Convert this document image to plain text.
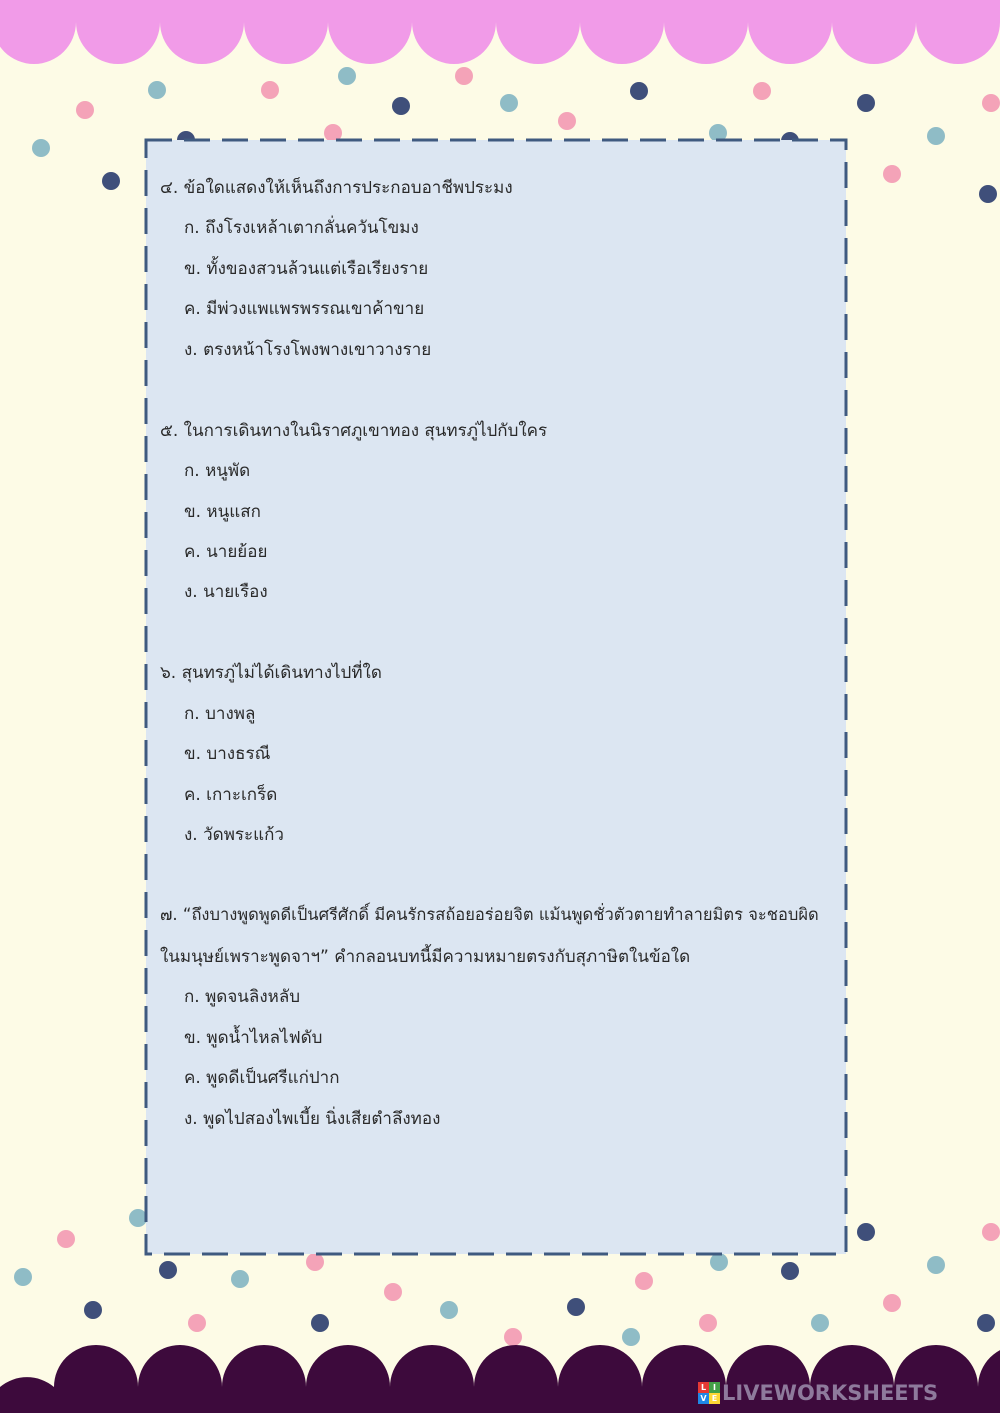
๔. ข้อใดแสดงให้เห็นถึงการประกอบอาชีพประมง
ก. ถึงโรงเหล้าเตากลั่นควันโขมง
ข. ทั้งของสวนล้วนแต่เรือเรียงราย
ค. มีพ่วงแพแพรพรรณเขาค้าขาย
ง. ตรงหน้าโรงโพงพางเขาวางราย
๕. ในการเดินทางในนิราศภูเขาทอง สุนทรภู่ไปกับใคร
ก. หนูพัด
ข. หนูแสก
ค. นายย้อย
ง. นายเรือง
๖. สุนทรภู่ไม่ได้เดินทางไปที่ใด
ก. บางพลู
ข. บางธรณี
ค. เกาะเกร็ด
ง. วัดพระแก้ว
๗. “ถึงบางพูดพูดดีเป็นศรีศักดิ์ มีคนรักรสถ้อยอร่อยจิต แม้นพูดชั่วตัวตายทำลายมิตร จะชอบผิด
ในมนุษย์เพราะพูดจาฯ” คำกลอนบทนี้มีความหมายตรงกับสุภาษิตในข้อใด
ก. พูดจนลิงหลับ
ข. พูดน้ำไหลไฟดับ
ค. พูดดีเป็นศรีแก่ปาก
ง. พูดไปสองไพเบี้ย นิ่งเสียตำลึงทอง
L I
V E LIVEWORKSHEETS
